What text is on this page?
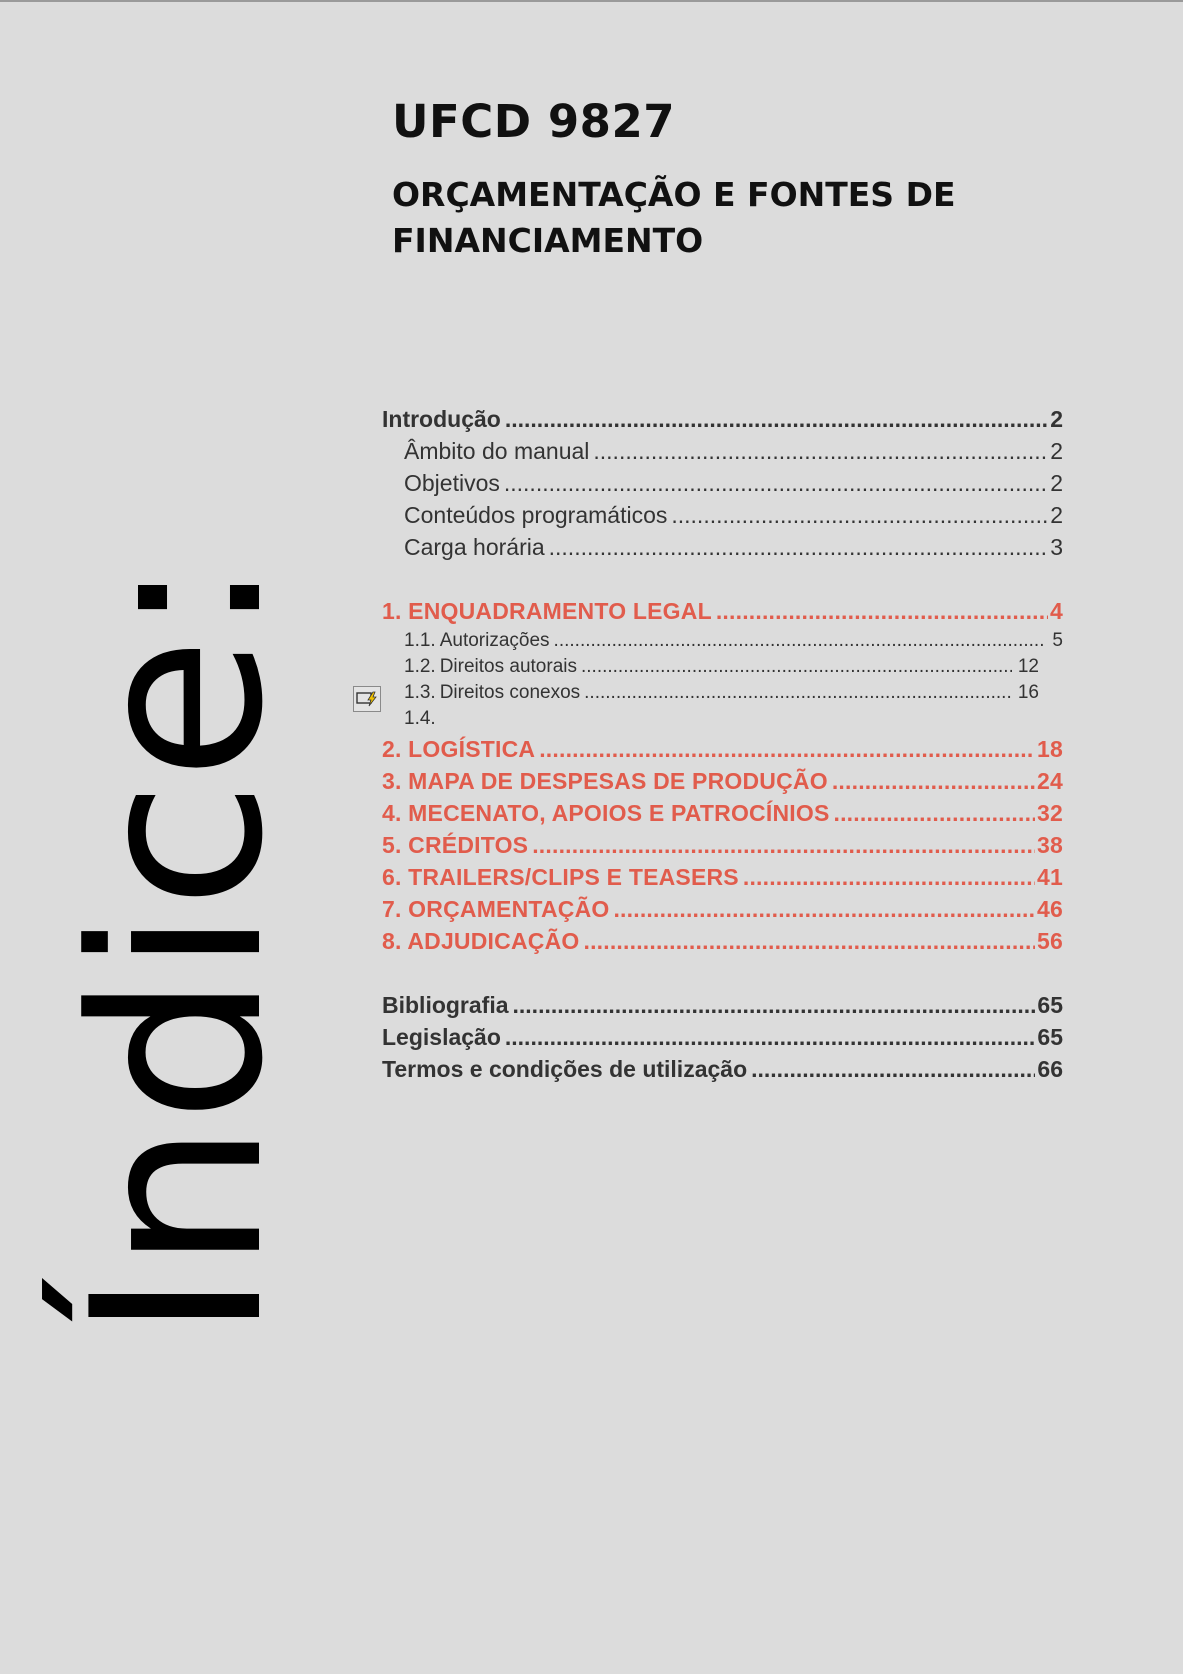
UFCD 9827
ORÇAMENTAÇÃO E FONTES DE FINANCIAMENTO
Índice:
Introdução .....	2
Âmbito do manual .....	2
Objetivos .....	2
Conteúdos programáticos .....	2
Carga horária .....	3
1. ENQUADRAMENTO LEGAL .....	4
1.1. Autorizações .....	5
1.2. Direitos autorais .....	12
1.3. Direitos conexos .....	16
1.4.
2. LOGÍSTICA .....	18
3. MAPA DE DESPESAS DE PRODUÇÃO .....	24
4. MECENATO, APOIOS E PATROCÍNIOS .....	32
5. CRÉDITOS .....	38
6. TRAILERS/CLIPS E TEASERS .....	41
7. ORÇAMENTAÇÃO .....	46
8. ADJUDICAÇÃO .....	56
Bibliografia .....	65
Legislação .....	65
Termos e condições de utilização .....	66
